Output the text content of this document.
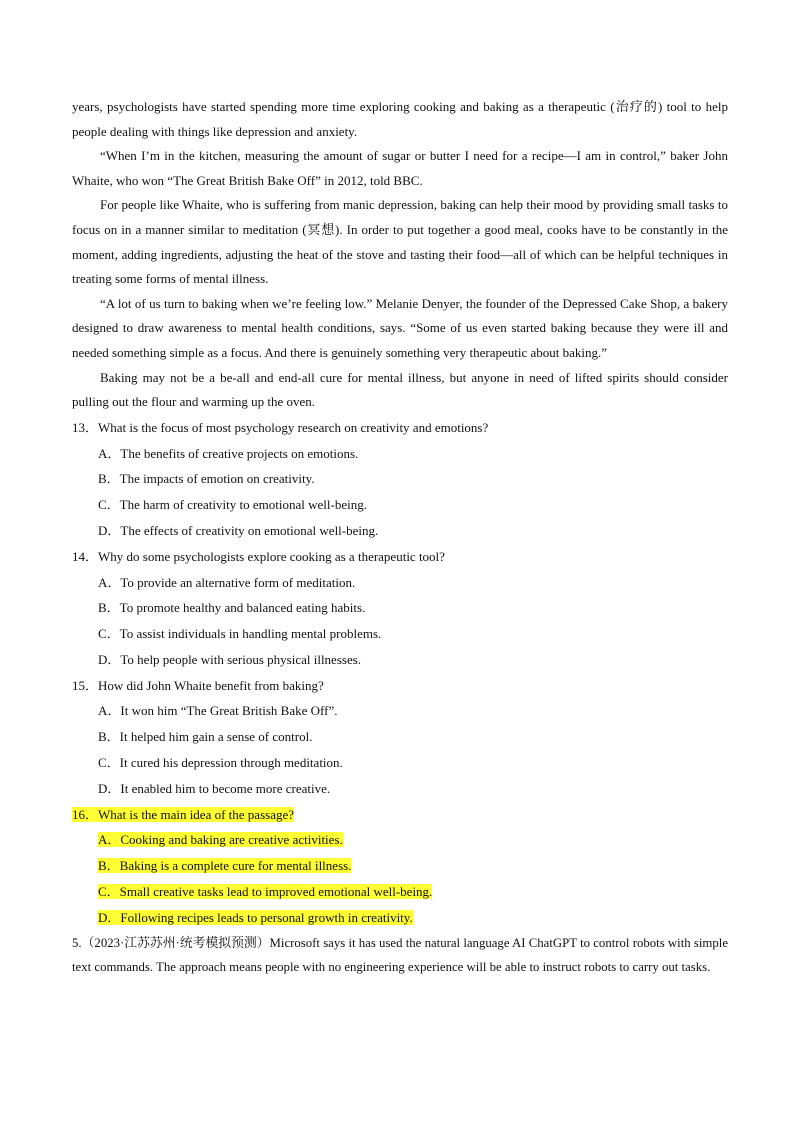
years, psychologists have started spending more time exploring cooking and baking as a therapeutic (治疗的) tool to help people dealing with things like depression and anxiety.

“When I’m in the kitchen, measuring the amount of sugar or butter I need for a recipe—I am in control,” baker John Whaite, who won “The Great British Bake Off” in 2012, told BBC.

For people like Whaite, who is suffering from manic depression, baking can help their mood by providing small tasks to focus on in a manner similar to meditation (冥想). In order to put together a good meal, cooks have to be constantly in the moment, adding ingredients, adjusting the heat of the stove and tasting their food—all of which can be helpful techniques in treating some forms of mental illness.

“A lot of us turn to baking when we’re feeling low.” Melanie Denyer, the founder of the Depressed Cake Shop, a bakery designed to draw awareness to mental health conditions, says. “Some of us even started baking because they were ill and needed something simple as a focus. And there is genuinely something very therapeutic about baking.”

Baking may not be a be-all and end-all cure for mental illness, but anyone in need of lifted spirits should consider pulling out the flour and warming up the oven.

13．What is the focus of most psychology research on creativity and emotions?

A．The benefits of creative projects on emotions.

B．The impacts of emotion on creativity.

C．The harm of creativity to emotional well-being.

D．The effects of creativity on emotional well-being.

14．Why do some psychologists explore cooking as a therapeutic tool?

A．To provide an alternative form of meditation.

B．To promote healthy and balanced eating habits.

C．To assist individuals in handling mental problems.

D．To help people with serious physical illnesses.

15．How did John Whaite benefit from baking?

A．It won him “The Great British Bake Off”.

B．It helped him gain a sense of control.

C．It cured his depression through meditation.

D．It enabled him to become more creative.

16．What is the main idea of the passage?

A．Cooking and baking are creative activities.

B．Baking is a complete cure for mental illness.

C．Small creative tasks lead to improved emotional well-being.

D．Following recipes leads to personal growth in creativity.

5.（2023·江苏苏州·统考模拟预测）Microsoft says it has used the natural language AI ChatGPT to control robots with simple text commands. The approach means people with no engineering experience will be able to instruct robots to carry out tasks.
